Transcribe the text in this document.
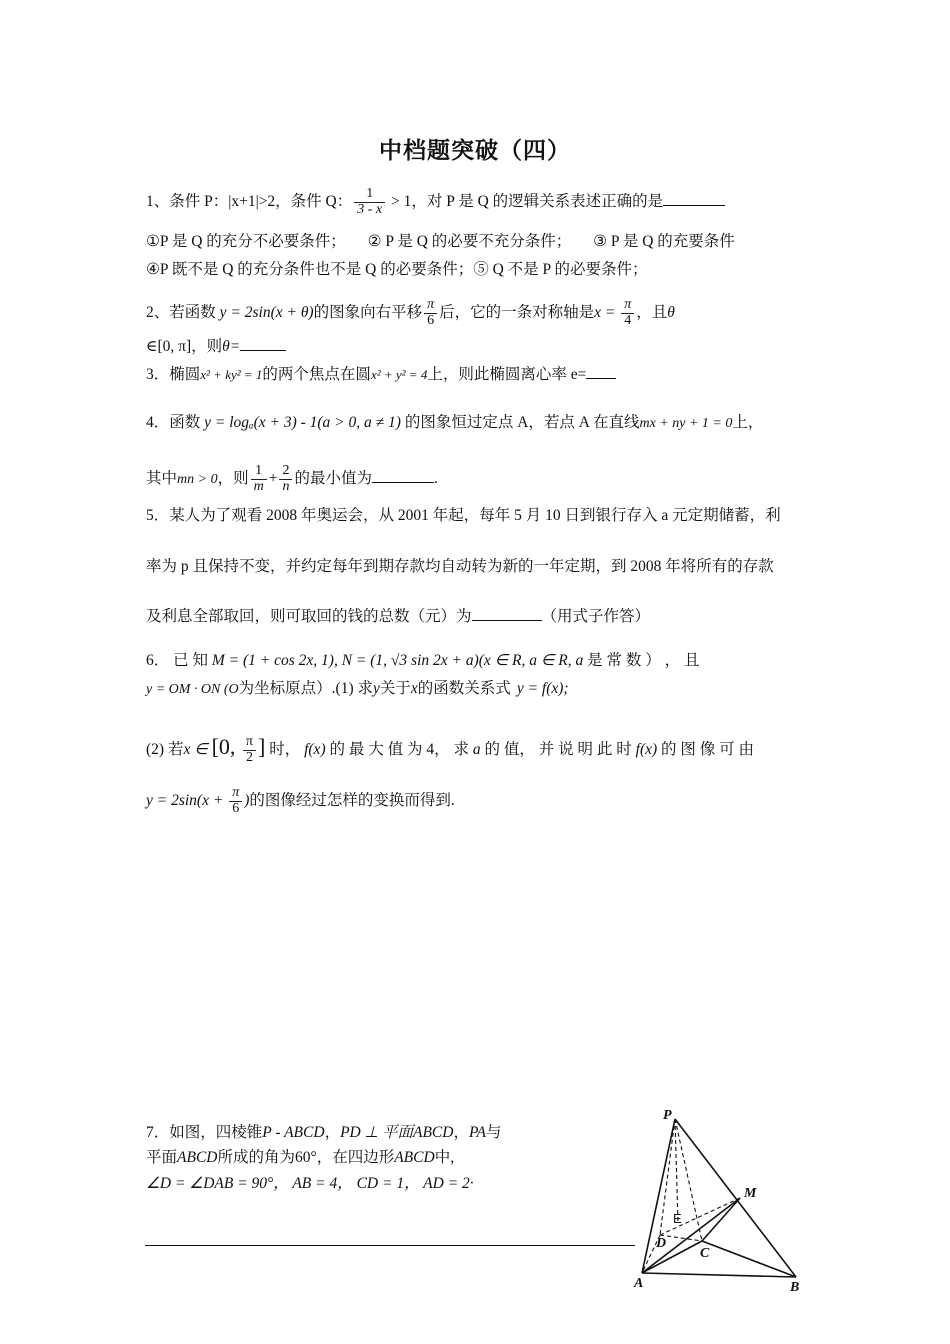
中档题突破（四）
1、条件 P：|x+1|>2，条件 Q： $\frac{1}{3 - x} > 1$，对 P 是 Q 的逻辑关系表述正确的是
①P 是 Q 的充分不必要条件； ② P 是 Q 的必要不充分条件； ③ P 是 Q 的充要条件
④P 既不是 Q 的充分条件也不是 Q 的必要条件；⑤ Q 不是 P 的必要条件；
2、若函数 y = 2sin(x + θ)的图象向右平移 $\frac{\pi}{6}$ 后，它的一条对称轴是$x = \frac{\pi}{4}$ ，且θ
∈[0, π]，则θ=
3．椭圆x² + ky² = 1的两个焦点在圆x² + y² = 4上，则此椭圆离心率 e=
4．函数 y = logₐ(x + 3) - 1(a > 0, a ≠ 1) 的图象恒过定点 A，若点 A 在直线mx + ny + 1 = 0上，
其中mn > 0，则 $\frac{1}{m} + \frac{2}{n}$ 的最小值为	.
5．某人为了观看 2008 年奥运会，从 2001 年起，每年 5 月 10 日到银行存入 a 元定期储蓄，利
率为 p 且保持不变，并约定每年到期存款均自动转为新的一年定期，到 2008 年将所有的存款
及利息全部取回，则可取回的钱的总数（元）为	（用式子作答）
6． 已 知 M = (1 + cos 2x, 1), N = (1, √3 sin 2x + a)(x ∈ R, a ∈ R, a 是 常 数 ） ， 且
y = OM · ON (O为坐标原点）.(1) 求y关于x的函数关系式 y = f(x);
(2) 若x ∈ [0, $\frac{\pi}{2}$ ] 时， f(x) 的 最 大 值 为 4， 求 a 的 值， 并 说 明 此 时 f(x) 的 图 像 可 由
$y = 2\sin(x + \frac{\pi}{6}$ )的图像经过怎样的变换而得到.
7．如图，四棱锥P - ABCD，PD ⊥ 平面ABCD，PA与
平面ABCD所成的角为60°，在四边形ABCD中,
∠D = ∠DAB = 90°， AB = 4， CD = 1， AD = 2·
P
A	B
C
D
M
E
